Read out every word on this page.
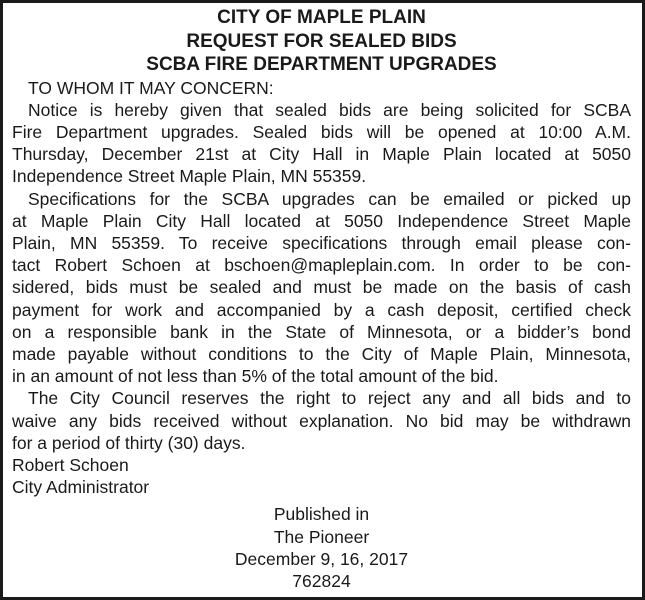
CITY OF MAPLE PLAIN
REQUEST FOR SEALED BIDS
SCBA FIRE DEPARTMENT UPGRADES
TO WHOM IT MAY CONCERN:
Notice is hereby given that sealed bids are being solicited for SCBA
Fire Department upgrades. Sealed bids will be opened at 10:00 A.M.
Thursday, December 21st at City Hall in Maple Plain located at 5050
Independence Street Maple Plain, MN 55359.
Specifications for the SCBA upgrades can be emailed or picked up
at Maple Plain City Hall located at 5050 Independence Street Maple
Plain, MN 55359. To receive specifications through email please con-
tact Robert Schoen at bschoen@mapleplain.com. In order to be con-
sidered, bids must be sealed and must be made on the basis of cash
payment for work and accompanied by a cash deposit, certified check
on a responsible bank in the State of Minnesota, or a bidder’s bond
made payable without conditions to the City of Maple Plain, Minnesota,
in an amount of not less than 5% of the total amount of the bid.
The City Council reserves the right to reject any and all bids and to
waive any bids received without explanation. No bid may be withdrawn
for a period of thirty (30) days.
Robert Schoen
City Administrator
Published in
The Pioneer
December 9, 16, 2017
762824
